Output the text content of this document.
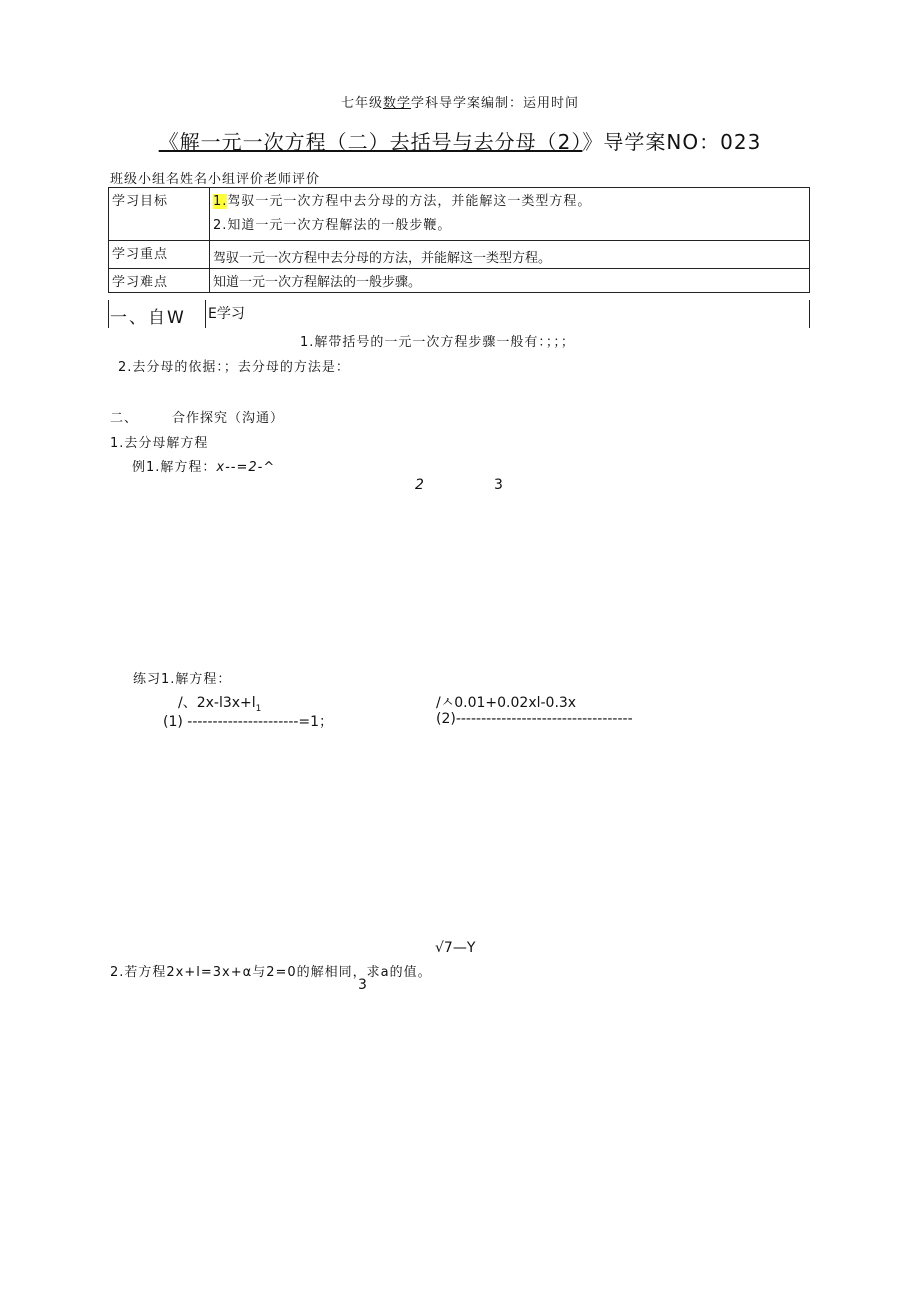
七年级数学学科导学案编制：运用时间
《解一元一次方程（二）去括号与去分母（2）》导学案NO：023
班级小组名姓名小组评价老师评价
学习目标	1.驾驭一元一次方程中去分母的方法，并能解这一类型方程。
2.知道一元一次方程解法的一般步鞭。

学习重点	驾驭一元一次方程中去分母的方法，并能解这一类型方程。
学习难点	知道一元一次方程解法的一般步骤。
一、自W E学习
1.解带括号的一元一次方程步骤一般有：；；；
2.去分母的依据：；去分母的方法是：
二、	合作探究（沟通）
1.去分母解方程
例1.解方程：x--=2-^
2	3
练习1.解方程：
/、$2x-l3x+l_1$
(1) ----------------------=1；
/ㅅ0.01+0.02xl-0.3x
(2)-----------------------------------
√7—Y
2.若方程2x+l=3x+α与2=0的解相同，求a的值。
3
